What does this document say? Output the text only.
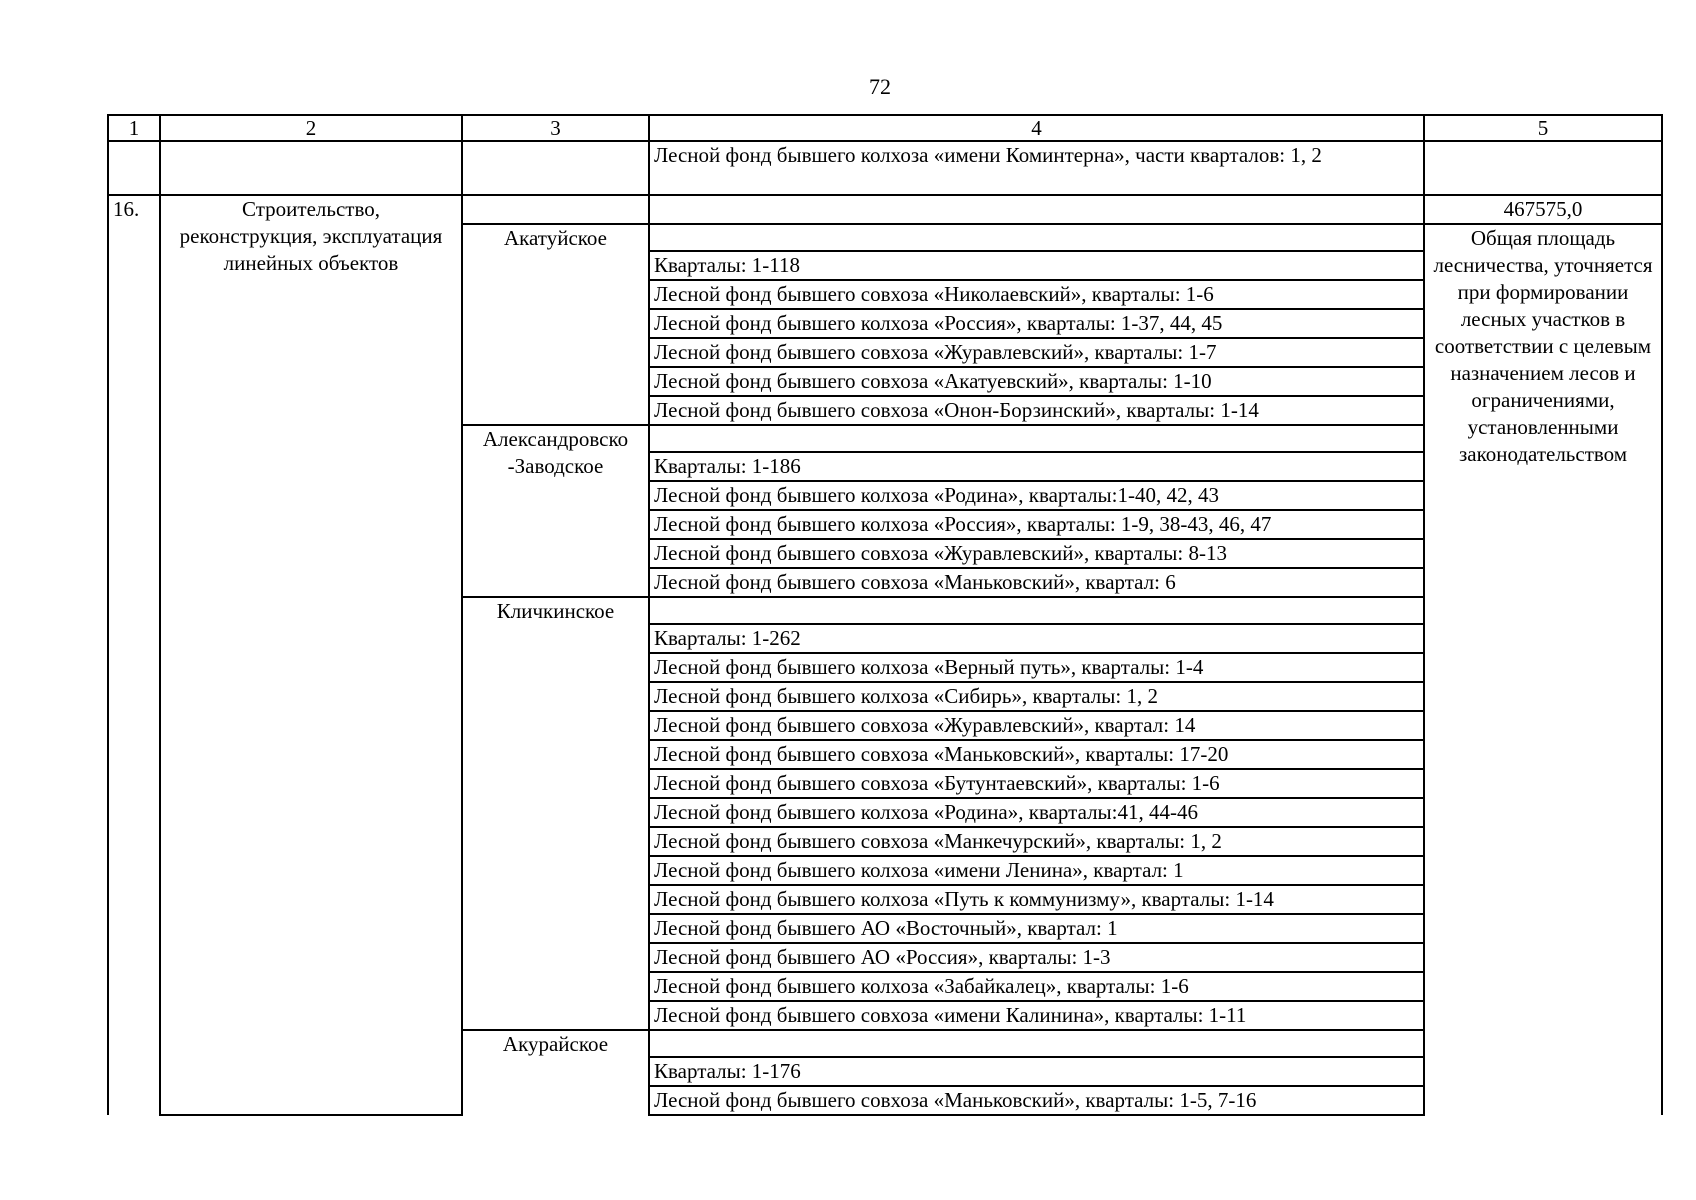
72
1	2	3	4	5
			Лесной фонд бывшего колхоза «имени Коминтерна», части кварталов: 1, 2	
16.	Строительство, реконструкция, эксплуатация линейных объектов			467575,0
		Акатуйское		Общая площадь лесничества, уточняется при формировании лесных участков в соответствии с целевым назначением лесов и ограничениями, установленными законодательством
			Кварталы: 1-118	
			Лесной фонд бывшего совхоза «Николаевский», кварталы: 1-6	
			Лесной фонд бывшего колхоза «Россия», кварталы: 1-37, 44, 45	
			Лесной фонд бывшего совхоза «Журавлевский», кварталы: 1-7	
			Лесной фонд бывшего совхоза «Акатуевский», кварталы: 1-10	
			Лесной фонд бывшего совхоза «Онон-Борзинский», кварталы: 1-14	
		Александровско -Заводское		
			Кварталы: 1-186	
			Лесной фонд бывшего колхоза «Родина», кварталы:1-40, 42, 43	
			Лесной фонд бывшего колхоза «Россия», кварталы: 1-9, 38-43, 46, 47	
			Лесной фонд бывшего совхоза «Журавлевский», кварталы: 8-13	
			Лесной фонд бывшего совхоза «Маньковский», квартал: 6	
		Кличкинское		
			Кварталы: 1-262	
			Лесной фонд бывшего колхоза «Верный путь», кварталы: 1-4	
			Лесной фонд бывшего колхоза «Сибирь», кварталы: 1, 2	
			Лесной фонд бывшего совхоза «Журавлевский», квартал: 14	
			Лесной фонд бывшего совхоза «Маньковский», кварталы: 17-20	
			Лесной фонд бывшего совхоза «Бутунтаевский», кварталы: 1-6	
			Лесной фонд бывшего колхоза «Родина», кварталы:41, 44-46	
			Лесной фонд бывшего совхоза «Манкечурский», кварталы: 1, 2	
			Лесной фонд бывшего колхоза «имени Ленина», квартал: 1	
			Лесной фонд бывшего колхоза «Путь к коммунизму», кварталы: 1-14	
			Лесной фонд бывшего АО «Восточный», квартал: 1	
			Лесной фонд бывшего АО «Россия», кварталы: 1-3	
			Лесной фонд бывшего колхоза «Забайкалец», кварталы: 1-6	
			Лесной фонд бывшего совхоза «имени Калинина», кварталы: 1-11	
		Акурайское		
			Кварталы: 1-176	
			Лесной фонд бывшего совхоза «Маньковский», кварталы: 1-5, 7-16	
